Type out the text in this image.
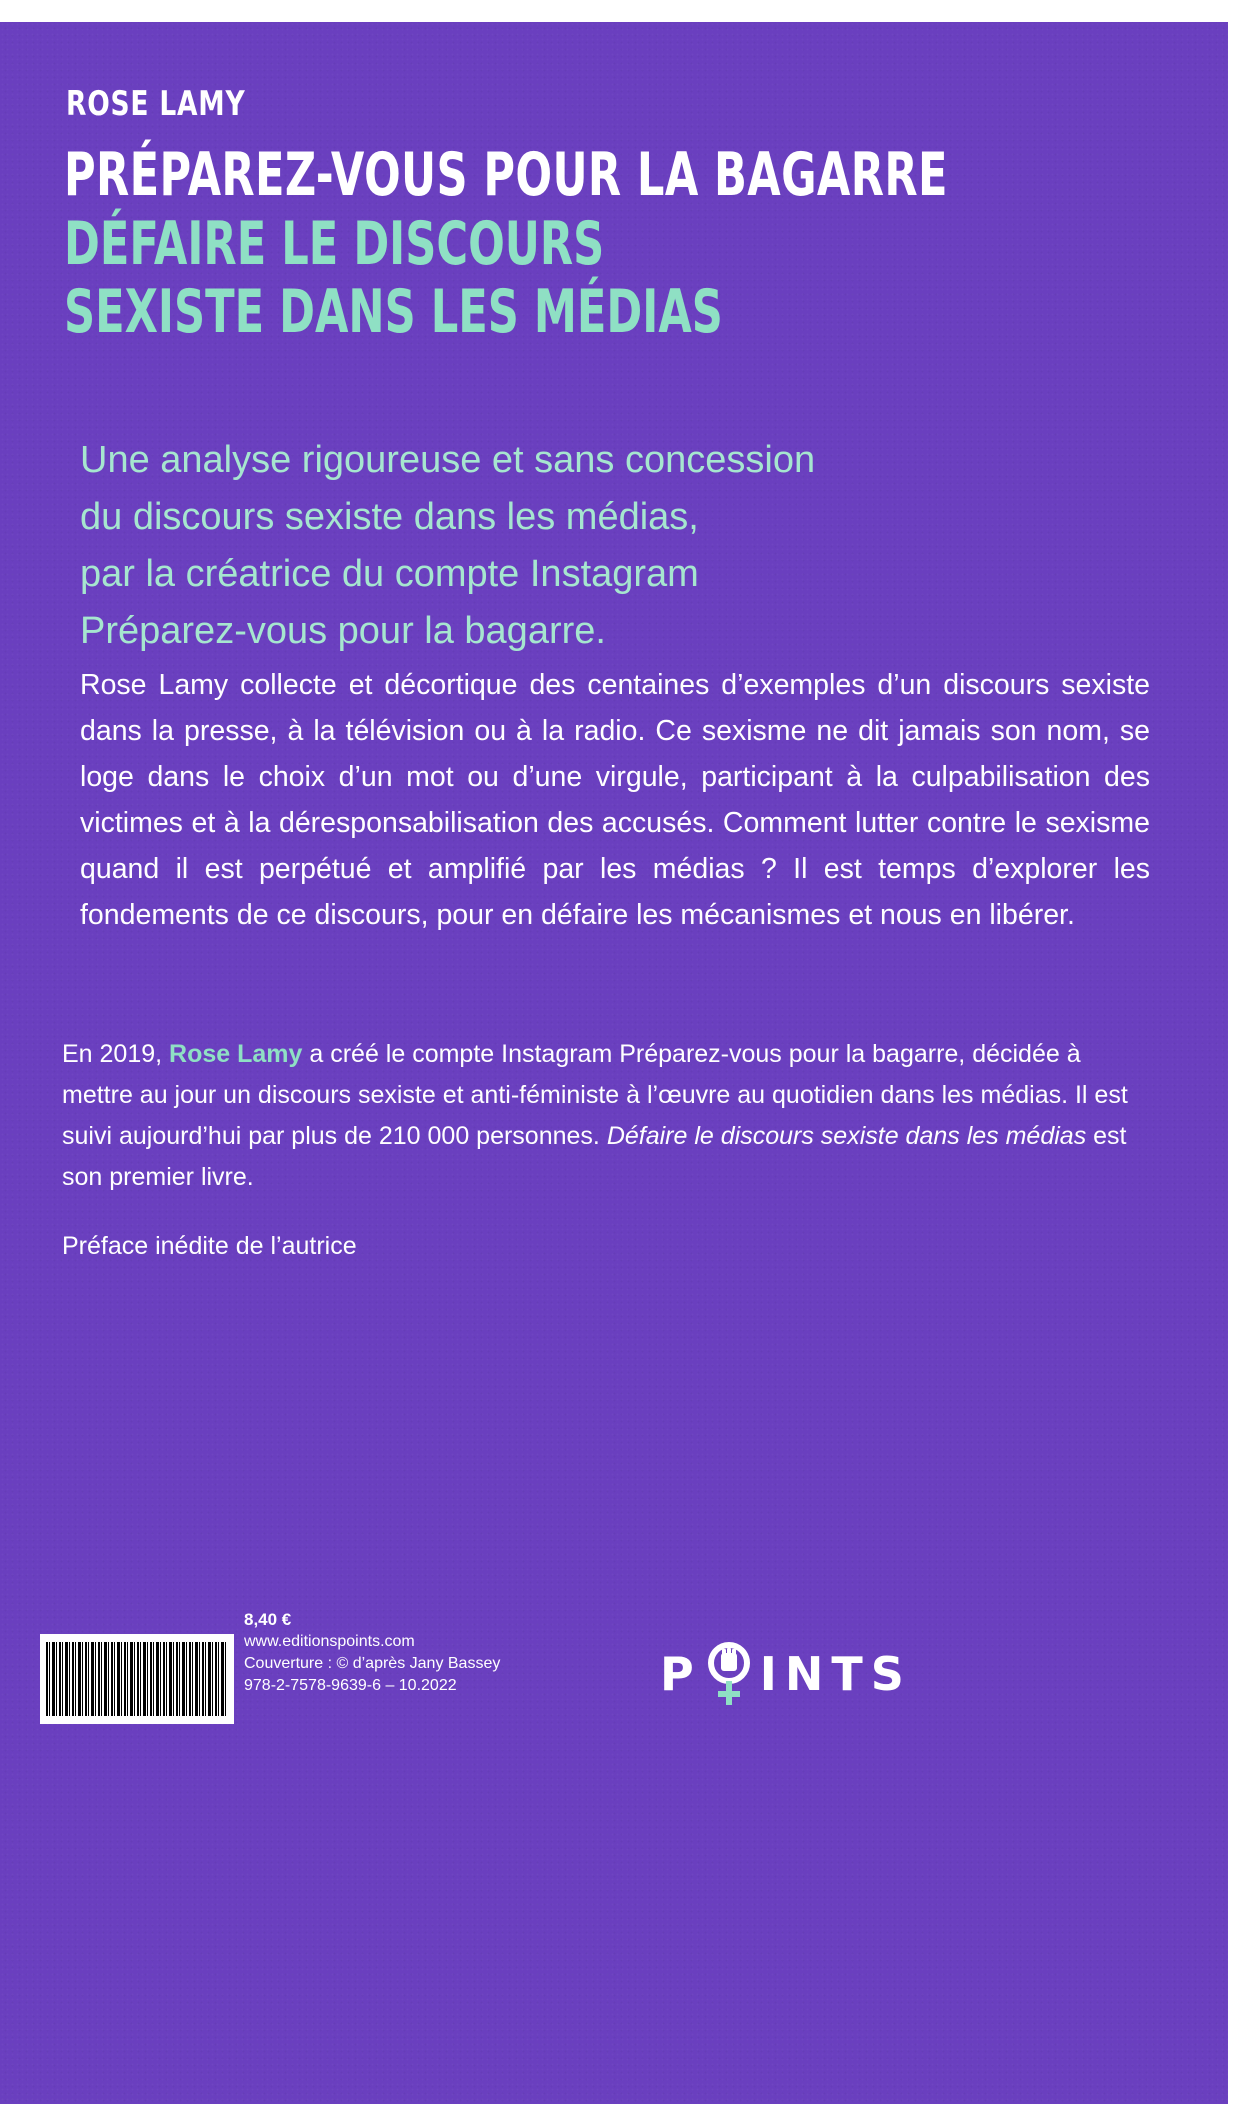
ROSE LAMY
PRÉPAREZ-VOUS POUR LA BAGARRE
DÉFAIRE LE DISCOURS
SEXISTE DANS LES MÉDIAS
Une analyse rigoureuse et sans concession
du discours sexiste dans les médias,
par la créatrice du compte Instagram
Préparez-vous pour la bagarre.
Rose Lamy collecte et décortique des centaines d’exemples d’un discours sexiste dans la presse, à la télévision ou à la radio. Ce sexisme ne dit jamais son nom, se loge dans le choix d’un mot ou d’une virgule, participant à la culpabilisation des victimes et à la déresponsabilisation des accusés. Comment lutter contre le sexisme quand il est perpétué et amplifié par les médias ? Il est temps d’explorer les fondements de ce discours, pour en défaire les mécanismes et nous en libérer.
En 2019, Rose Lamy a créé le compte Instagram Préparez-vous pour la bagarre, décidée à mettre au jour un discours sexiste et anti-féministe à l’œuvre au quotidien dans les médias. Il est suivi aujourd’hui par plus de 210 000 personnes. Défaire le discours sexiste dans les médias est son premier livre.
Préface inédite de l’autrice
8,40 €
www.editionspoints.com
Couverture : © d’après Jany Bassey
978-2-7578-9639-6 – 10.2022	P INTS
